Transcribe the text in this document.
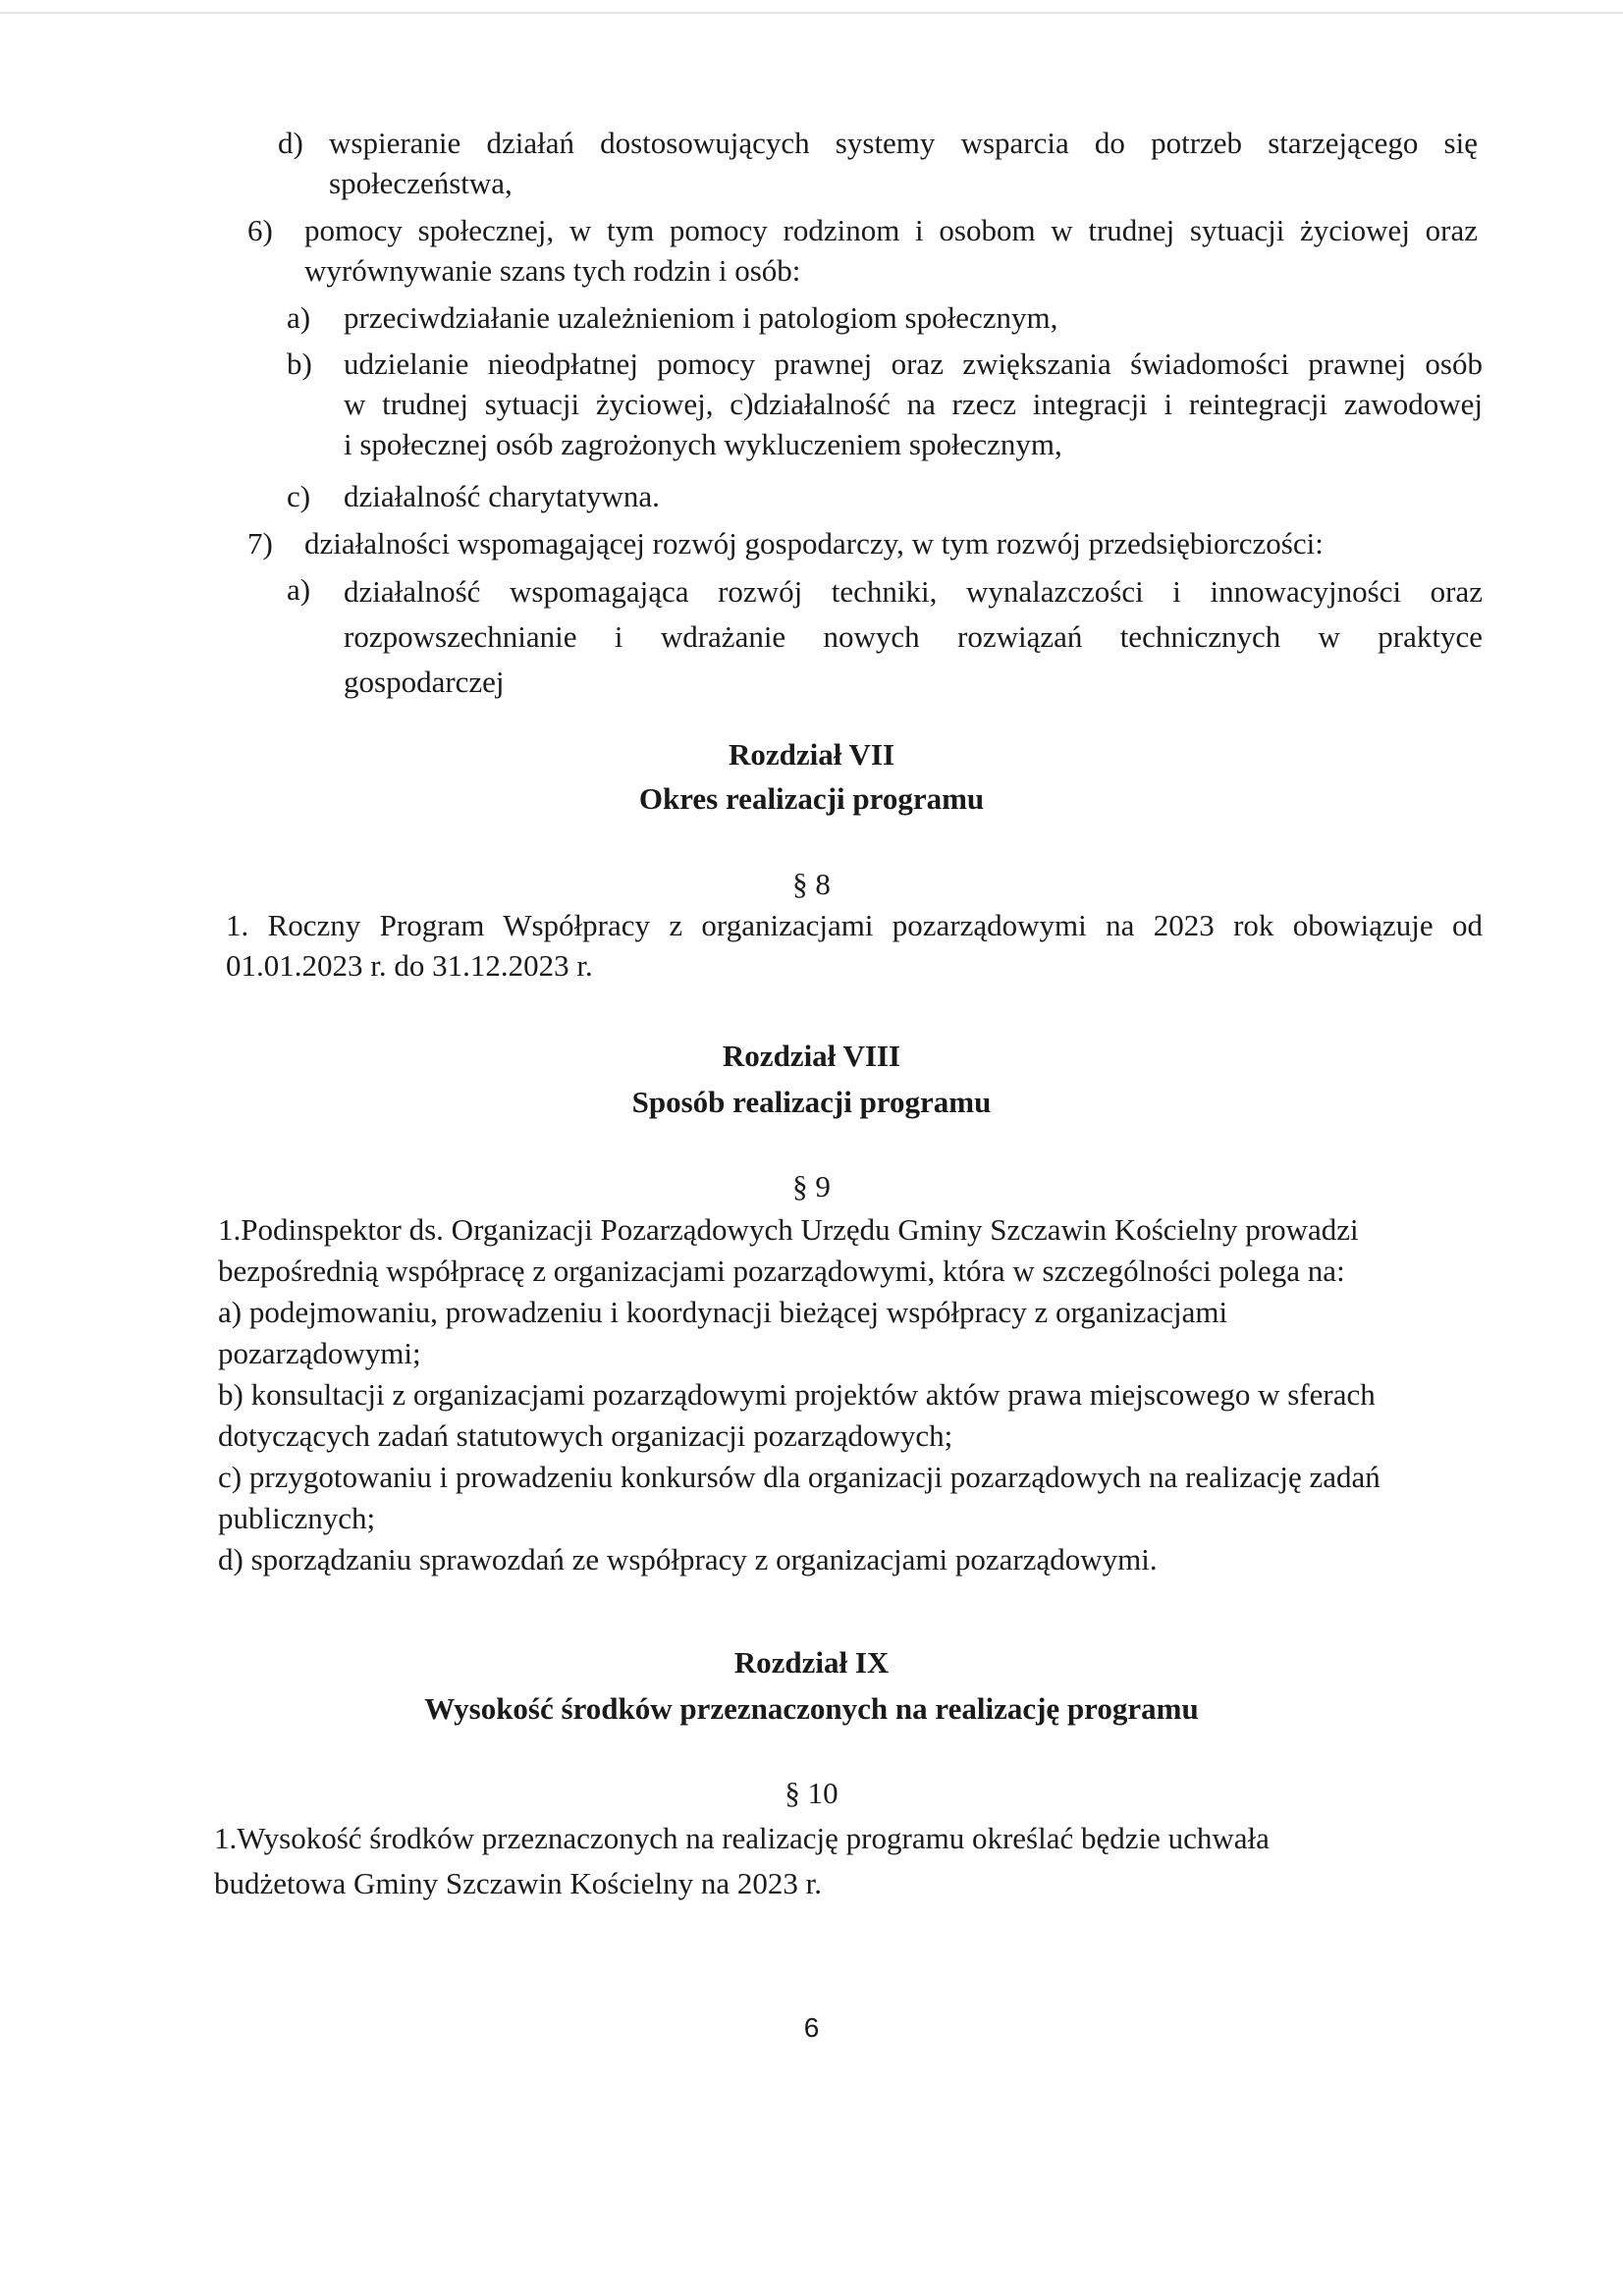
d) wspieranie działań dostosowujących systemy wsparcia do potrzeb starzejącego się
społeczeństwa,
6) pomocy społecznej, w tym pomocy rodzinom i osobom w trudnej sytuacji życiowej oraz
wyrównywanie szans tych rodzin i osób:
a) przeciwdziałanie uzależnieniom i patologiom społecznym,
b) udzielanie nieodpłatnej pomocy prawnej oraz zwiększania świadomości prawnej osób
w trudnej sytuacji życiowej, c)działalność na rzecz integracji i reintegracji zawodowej
i społecznej osób zagrożonych wykluczeniem społecznym,
c) działalność charytatywna.
7) działalności wspomagającej rozwój gospodarczy, w tym rozwój przedsiębiorczości:
a) działalność wspomagająca rozwój techniki, wynalazczości i innowacyjności oraz
rozpowszechnianie i wdrażanie nowych rozwiązań technicznych w praktyce
gospodarczej
Rozdział VII
Okres realizacji programu
§ 8
1. Roczny Program Współpracy z organizacjami pozarządowymi na 2023 rok obowiązuje od
01.01.2023 r. do 31.12.2023 r.
Rozdział VIII
Sposób realizacji programu
§ 9
1.Podinspektor ds. Organizacji Pozarządowych Urzędu Gminy Szczawin Kościelny prowadzi
bezpośrednią współpracę z organizacjami pozarządowymi, która w szczególności polega na:
a) podejmowaniu, prowadzeniu i koordynacji bieżącej współpracy z organizacjami
pozarządowymi;
b) konsultacji z organizacjami pozarządowymi projektów aktów prawa miejscowego w sferach
dotyczących zadań statutowych organizacji pozarządowych;
c) przygotowaniu i prowadzeniu konkursów dla organizacji pozarządowych na realizację zadań
publicznych;
d) sporządzaniu sprawozdań ze współpracy z organizacjami pozarządowymi.
Rozdział IX
Wysokość środków przeznaczonych na realizację programu
§ 10
1.Wysokość środków przeznaczonych na realizację programu określać będzie uchwała
budżetowa Gminy Szczawin Kościelny na 2023 r.
6
